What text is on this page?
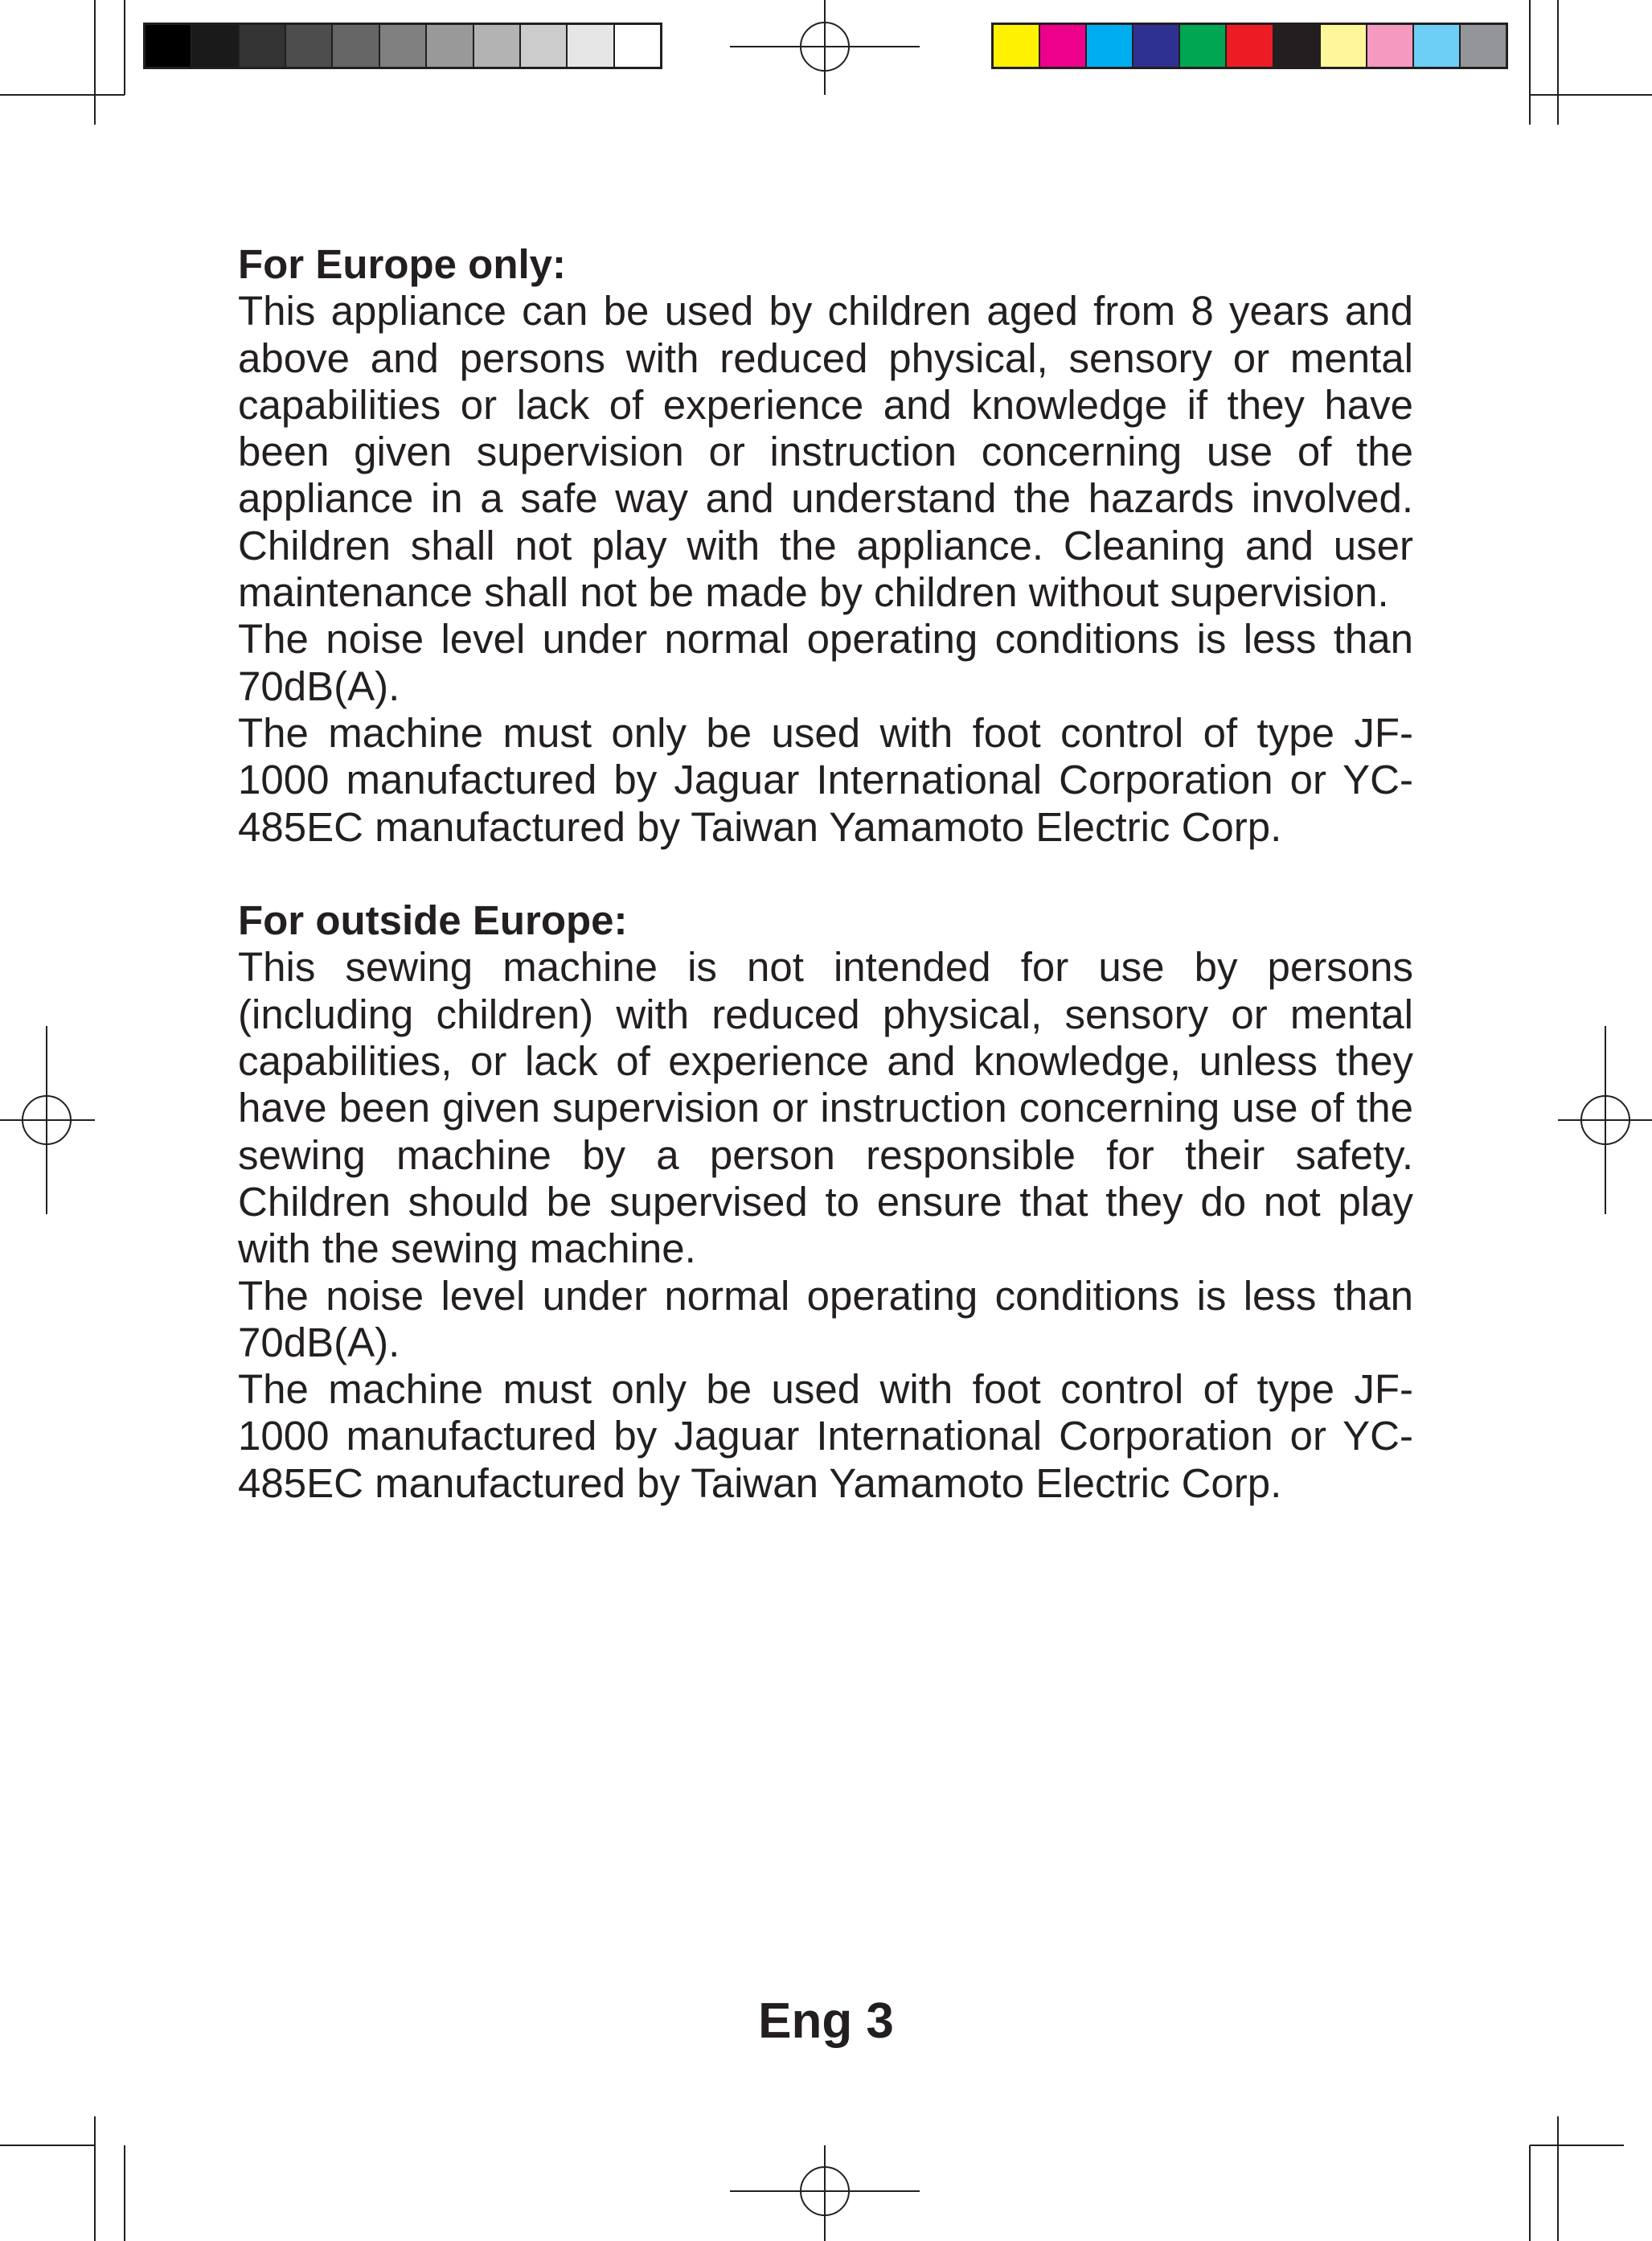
For Europe only:

This appliance can be used by children aged from 8 years and above and persons with reduced physical, sensory or mental capabilities or lack of experience and knowledge if they have been given supervision or instruction concerning use of the appliance in a safe way and understand the hazards involved. Children shall not play with the appliance. Cleaning and user maintenance shall not be made by children without supervision.

The noise level under normal operating conditions is less than 70dB(A).

The machine must only be used with foot control of type JF-1000 manufactured by Jaguar International Corporation or YC-485EC manufactured by Taiwan Yamamoto Electric Corp.

For outside Europe:

This sewing machine is not intended for use by persons (including children) with reduced physical, sensory or mental capabilities, or lack of experience and knowledge, unless they have been given supervision or instruction concerning use of the sewing machine by a person responsible for their safety. Children should be supervised to ensure that they do not play with the sewing machine.

The noise level under normal operating conditions is less than 70dB(A).

The machine must only be used with foot control of type JF-1000 manufactured by Jaguar International Corporation or YC-485EC manufactured by Taiwan Yamamoto Electric Corp.

Eng 3
